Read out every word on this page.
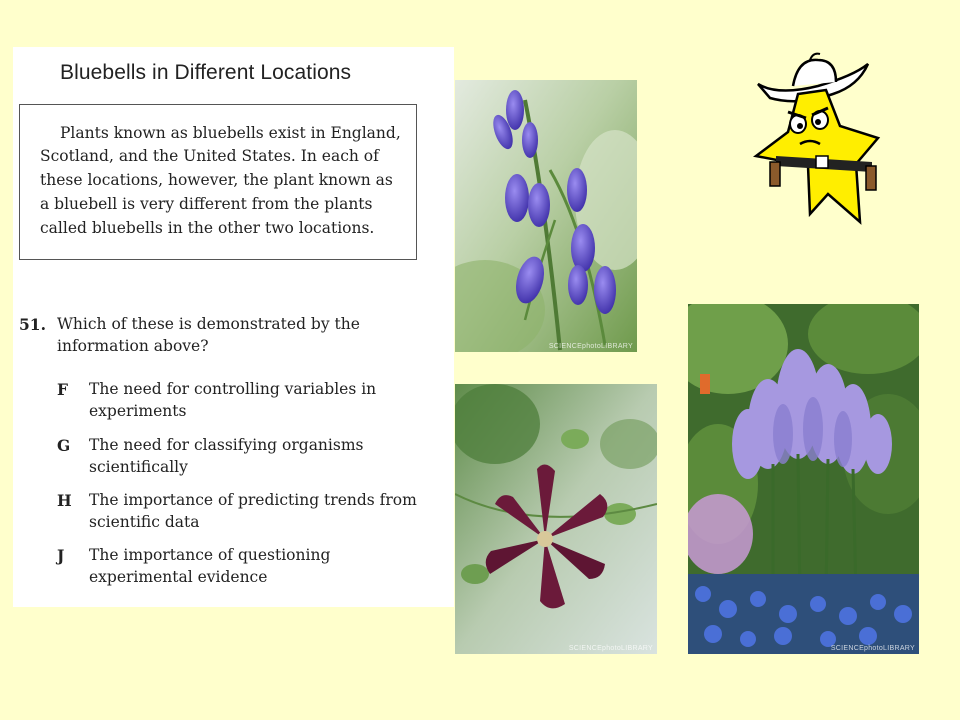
Bluebells in Different Locations
Plants known as bluebells exist in England,
Scotland, and the United States. In each of
these locations, however, the plant known as
a bluebell is very different from the plants
called bluebells in the other two locations.
51. Which of these is demonstrated by the
information above?
F The need for controlling variables in
experiments
G The need for classifying organisms
scientifically
H The importance of predicting trends from
scientific data
J The importance of questioning
experimental evidence
SCIENCEphotoLIBRARY
SCIENCEphotoLIBRARY	SCIENCEphotoLIBRARY
